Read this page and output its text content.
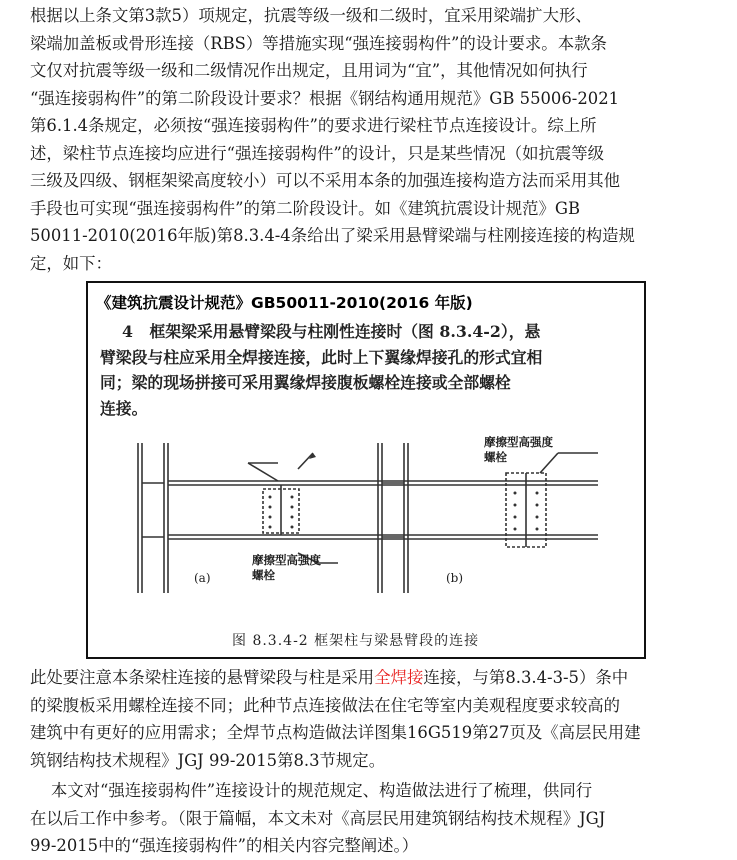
根据以上条文第3款5）项规定，抗震等级一级和二级时，宜采用梁端扩大形、
梁端加盖板或骨形连接（RBS）等措施实现“强连接弱构件”的设计要求。本款条
文仅对抗震等级一级和二级情况作出规定，且用词为“宜”，其他情况如何执行
“强连接弱构件”的第二阶段设计要求？根据《钢结构通用规范》GB 55006-2021
第6.1.4条规定，必须按“强连接弱构件”的要求进行梁柱节点连接设计。综上所
述，梁柱节点连接均应进行“强连接弱构件”的设计，只是某些情况（如抗震等级
三级及四级、钢框架梁高度较小）可以不采用本条的加强连接构造方法而采用其他
手段也可实现“强连接弱构件”的第二阶段设计。如《建筑抗震设计规范》GB
50011-2010(2016年版)第8.3.4-4条给出了梁采用悬臂梁端与柱刚接连接的构造规
定，如下：
《建筑抗震设计规范》GB50011-2010(2016 年版)
4   框架梁采用悬臂梁段与柱刚性连接时（图 8.3.4-2），悬
臂梁段与柱应采用全焊接连接，此时上下翼缘焊接孔的形式宜相
同；梁的现场拼接可采用翼缘焊接腹板螺栓连接或全部螺栓
连接。
摩擦型高强度
螺栓
摩擦型高强度
螺栓
(a)	(b)
图 8.3.4-2 框架柱与梁悬臂段的连接
此处要注意本条梁柱连接的悬臂梁段与柱是采用全焊接连接，与第8.3.4-3-5）条中
的梁腹板采用螺栓连接不同；此种节点连接做法在住宅等室内美观程度要求较高的
建筑中有更好的应用需求；全焊节点构造做法详图集16G519第27页及《高层民用建
筑钢结构技术规程》JGJ 99-2015第8.3节规定。
本文对“强连接弱构件”连接设计的规范规定、构造做法进行了梳理，供同行
在以后工作中参考。（限于篇幅，本文未对《高层民用建筑钢结构技术规程》JGJ
99-2015中的“强连接弱构件”的相关内容完整阐述。）
